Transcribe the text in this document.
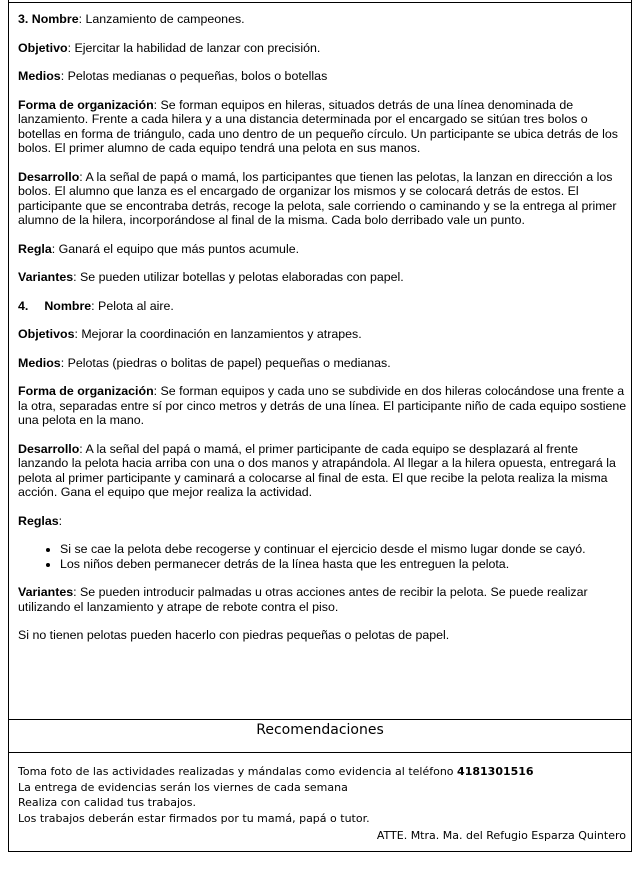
3. Nombre: Lanzamiento de campeones.

Objetivo: Ejercitar la habilidad de lanzar con precisión.

Medios: Pelotas medianas o pequeñas, bolos o botellas

Forma de organización: Se forman equipos en hileras, situados detrás de una línea denominada de lanzamiento. Frente a cada hilera y a una distancia determinada por el encargado se sitúan tres bolos o botellas en forma de triángulo, cada uno dentro de un pequeño círculo. Un participante se ubica detrás de los bolos. El primer alumno de cada equipo tendrá una pelota en sus manos.

Desarrollo: A la señal de papá o mamá, los participantes que tienen las pelotas, la lanzan en dirección a los bolos. El alumno que lanza es el encargado de organizar los mismos y se colocará detrás de estos. El participante que se encontraba detrás, recoge la pelota, sale corriendo o caminando y se la entrega al primer alumno de la hilera, incorporándose al final de la misma. Cada bolo derribado vale un punto.

Regla: Ganará el equipo que más puntos acumule.

Variantes: Se pueden utilizar botellas y pelotas elaboradas con papel.

4. Nombre: Pelota al aire.

Objetivos: Mejorar la coordinación en lanzamientos y atrapes.

Medios: Pelotas (piedras o bolitas de papel) pequeñas o medianas.

Forma de organización: Se forman equipos y cada uno se subdivide en dos hileras colocándose una frente a la otra, separadas entre sí por cinco metros y detrás de una línea. El participante niño de cada equipo sostiene una pelota en la mano.

Desarrollo: A la señal del papá o mamá, el primer participante de cada equipo se desplazará al frente lanzando la pelota hacia arriba con una o dos manos y atrapándola. Al llegar a la hilera opuesta, entregará la pelota al primer participante y caminará a colocarse al final de esta. El que recibe la pelota realiza la misma acción. Gana el equipo que mejor realiza la actividad.

Reglas:

• Si se cae la pelota debe recogerse y continuar el ejercicio desde el mismo lugar donde se cayó.
• Los niños deben permanecer detrás de la línea hasta que les entreguen la pelota.

Variantes: Se pueden introducir palmadas u otras acciones antes de recibir la pelota. Se puede realizar utilizando el lanzamiento y atrape de rebote contra el piso.

Si no tienen pelotas pueden hacerlo con piedras pequeñas o pelotas de papel.

Recomendaciones
Toma foto de las actividades realizadas y mándalas como evidencia al teléfono 4181301516
La entrega de evidencias serán los viernes de cada semana
Realiza con calidad tus trabajos.
Los trabajos deberán estar firmados por tu mamá, papá o tutor.
ATTE. Mtra. Ma. del Refugio Esparza Quintero
